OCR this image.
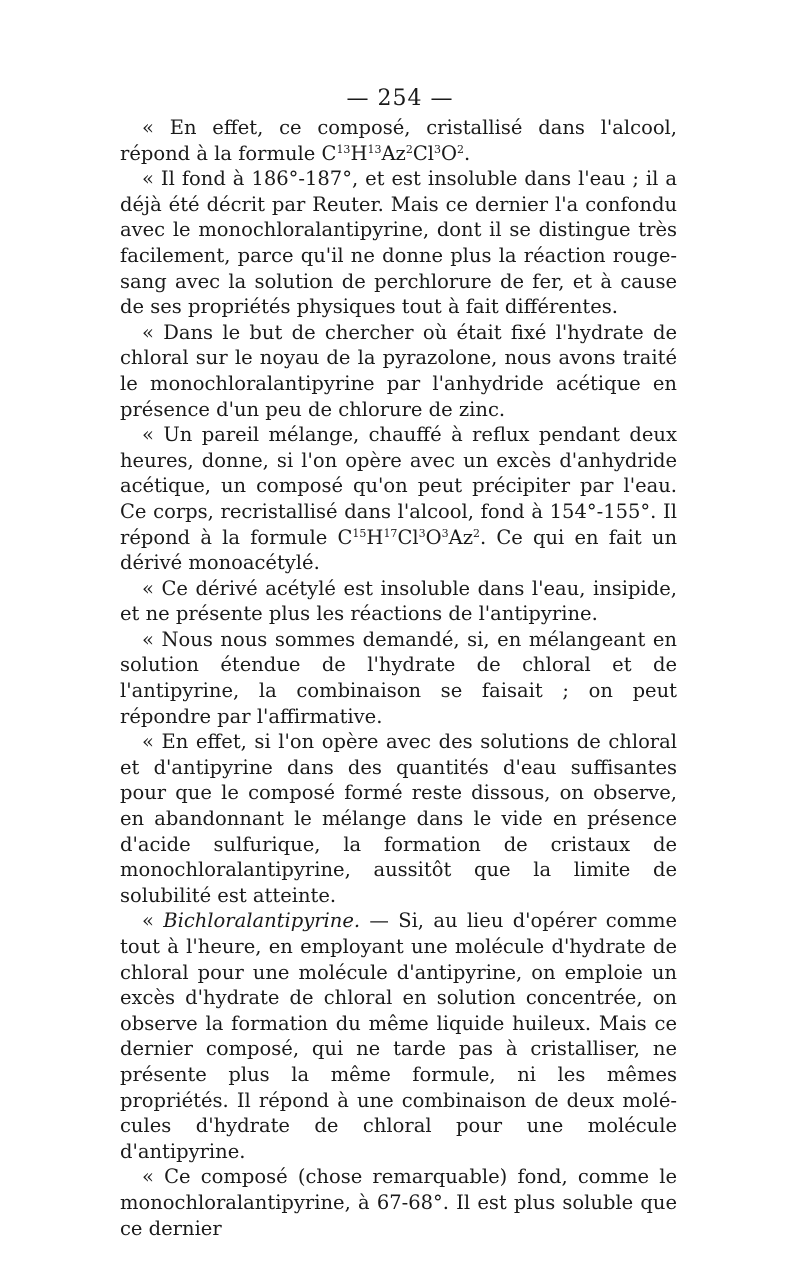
— 254 —

« En effet, ce composé, cristallisé dans l'alcool, répond à la formule $C^{13}H^{13}Az^2Cl^3O^2$.

« Il fond à 186°-187°, et est insoluble dans l'eau ; il a déjà été décrit par Reuter. Mais ce dernier l'a confondu avec le monochloralantipyrine, dont il se distingue très facilement, parce qu'il ne donne plus la réaction rouge-sang avec la solution de perchlorure de fer, et à cause de ses propriétés physiques tout à fait différentes.

« Dans le but de chercher où était fixé l'hydrate de chloral sur le noyau de la pyrazolone, nous avons traité le monochloralantipyrine par l'anhydride acétique en présence d'un peu de chlorure de zinc.

« Un pareil mélange, chauffé à reflux pendant deux heures, donne, si l'on opère avec un excès d'anhydride acétique, un composé qu'on peut précipiter par l'eau. Ce corps, recristallisé dans l'alcool, fond à 154°-155°. Il répond à la formule $C^{15}H^{17}Cl^3O^3Az^2$. Ce qui en fait un dérivé monoacétylé.

« Ce dérivé acétylé est insoluble dans l'eau, insipide, et ne présente plus les réactions de l'antipyrine.

« Nous nous sommes demandé, si, en mélangeant en solution étendue de l'hydrate de chloral et de l'antipyrine, la combinaison se faisait ; on peut répondre par l'affirmative.

« En effet, si l'on opère avec des solutions de chloral et d'antipyrine dans des quantités d'eau suffisantes pour que le composé formé reste dissous, on observe, en abandonnant le mélange dans le vide en présence d'acide sulfurique, la formation de cristaux de monochloralantipyrine, aussitôt que la limite de solubilité est atteinte.

« Bichloralantipyrine. — Si, au lieu d'opérer comme tout à l'heure, en employant une molécule d'hydrate de chloral pour une molécule d'antipyrine, on emploie un excès d'hydrate de chloral en solution concentrée, on observe la formation du même liquide huileux. Mais ce dernier composé, qui ne tarde pas à cristalliser, ne présente plus la même formule, ni les mêmes propriétés. Il répond à une combinaison de deux molécules d'hydrate de chloral pour une molécule d'antipyrine.

« Ce composé (chose remarquable) fond, comme le monochloralantipyrine, à 67-68°. Il est plus soluble que ce dernier
